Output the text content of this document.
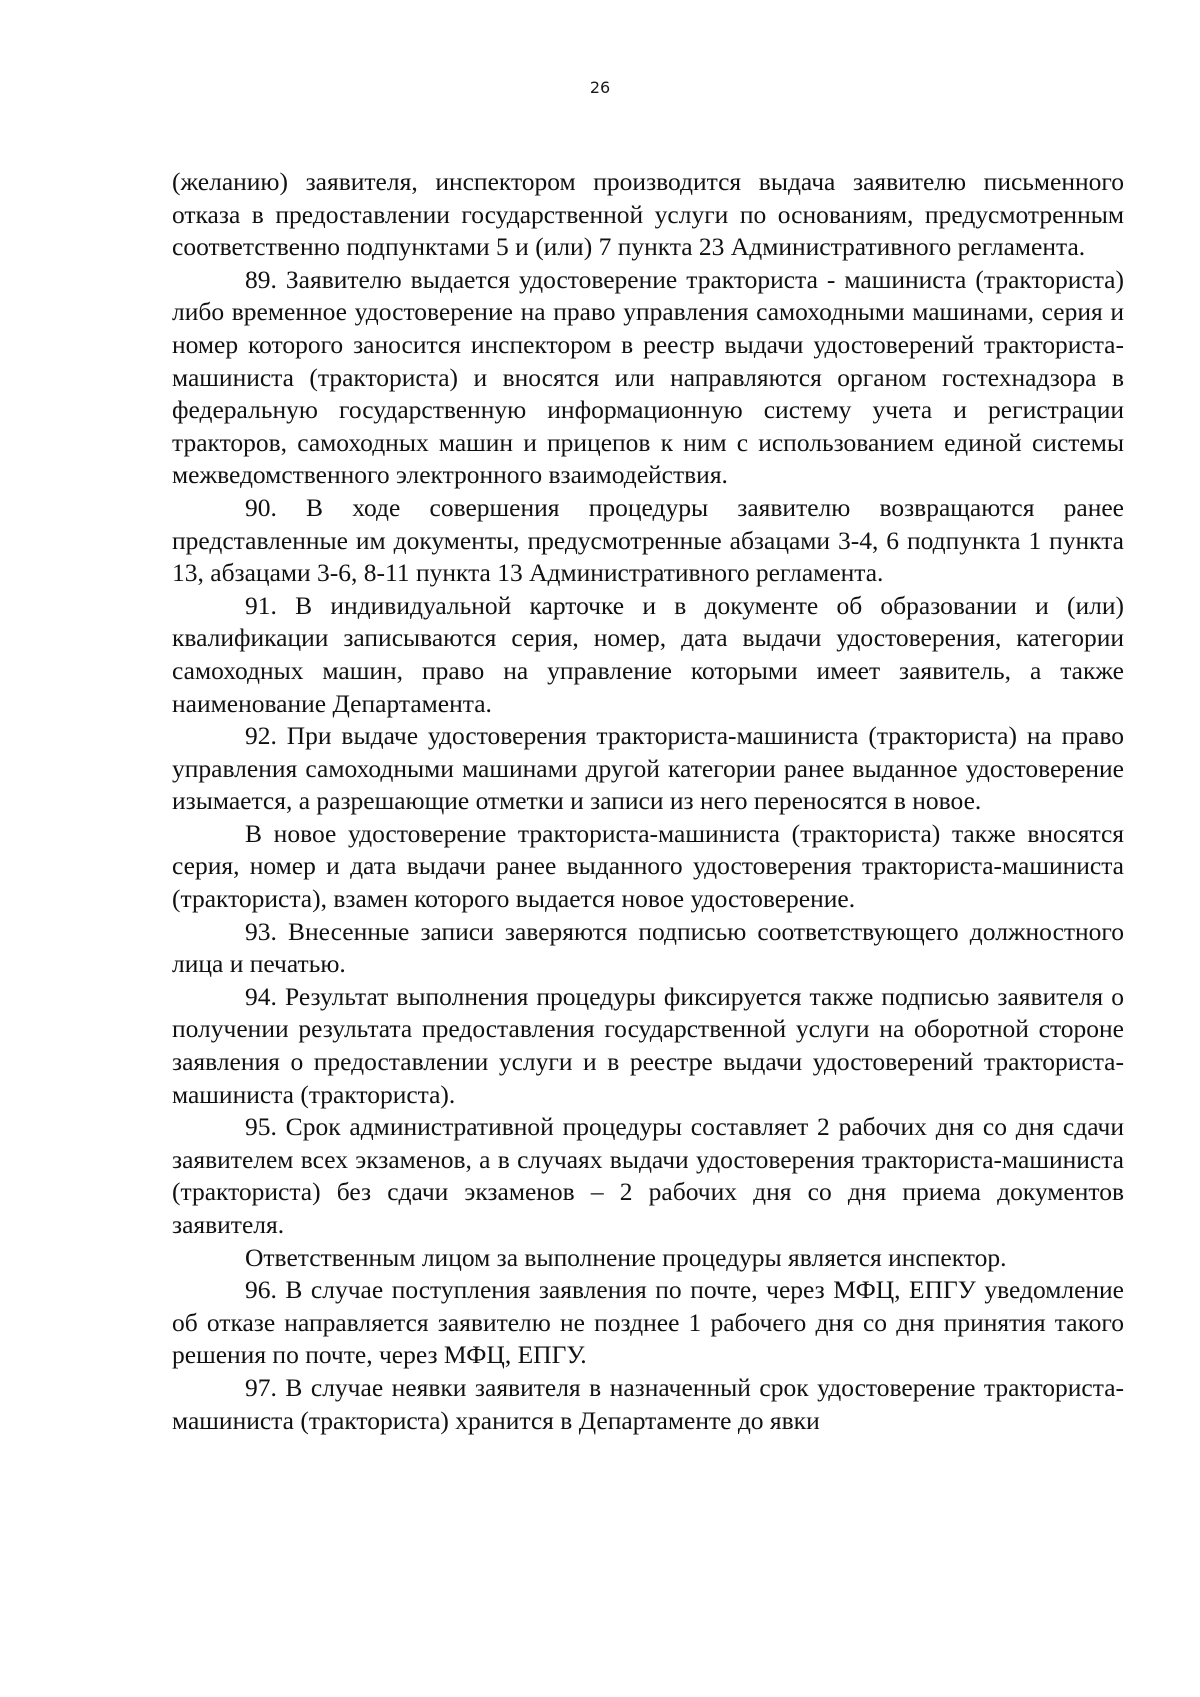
26

(желанию) заявителя, инспектором производится выдача заявителю письменного отказа в предоставлении государственной услуги по основаниям, предусмотренным соответственно подпунктами 5 и (или) 7 пункта 23 Административного регламента.

89. Заявителю выдается удостоверение тракториста - машиниста (тракториста) либо временное удостоверение на право управления самоходными машинами, серия и номер которого заносится инспектором в реестр выдачи удостоверений тракториста-машиниста (тракториста) и вносятся или направляются органом гостехнадзора в федеральную государственную информационную систему учета и регистрации тракторов, самоходных машин и прицепов к ним с использованием единой системы межведомственного электронного взаимодействия.

90. В ходе совершения процедуры заявителю возвращаются ранее представленные им документы, предусмотренные абзацами 3-4, 6 подпункта 1 пункта 13, абзацами 3-6, 8-11 пункта 13 Административного регламента.

91. В индивидуальной карточке и в документе об образовании и (или) квалификации записываются серия, номер, дата выдачи удостоверения, категории самоходных машин, право на управление которыми имеет заявитель, а также наименование Департамента.

92. При выдаче удостоверения тракториста-машиниста (тракториста) на право управления самоходными машинами другой категории ранее выданное удостоверение изымается, а разрешающие отметки и записи из него переносятся в новое.

В новое удостоверение тракториста-машиниста (тракториста) также вносятся серия, номер и дата выдачи ранее выданного удостоверения тракториста-машиниста (тракториста), взамен которого выдается новое удостоверение.

93. Внесенные записи заверяются подписью соответствующего должностного лица и печатью.

94. Результат выполнения процедуры фиксируется также подписью заявителя о получении результата предоставления государственной услуги на оборотной стороне заявления о предоставлении услуги и в реестре выдачи удостоверений тракториста-машиниста (тракториста).

95. Срок административной процедуры составляет 2 рабочих дня со дня сдачи заявителем всех экзаменов, а в случаях выдачи удостоверения тракториста-машиниста (тракториста) без сдачи экзаменов – 2 рабочих дня со дня приема документов заявителя.

Ответственным лицом за выполнение процедуры является инспектор.

96. В случае поступления заявления по почте, через МФЦ, ЕПГУ уведомление об отказе направляется заявителю не позднее 1 рабочего дня со дня принятия такого решения по почте, через МФЦ, ЕПГУ.

97. В случае неявки заявителя в назначенный срок удостоверение тракториста-машиниста (тракториста) хранится в Департаменте до явки
